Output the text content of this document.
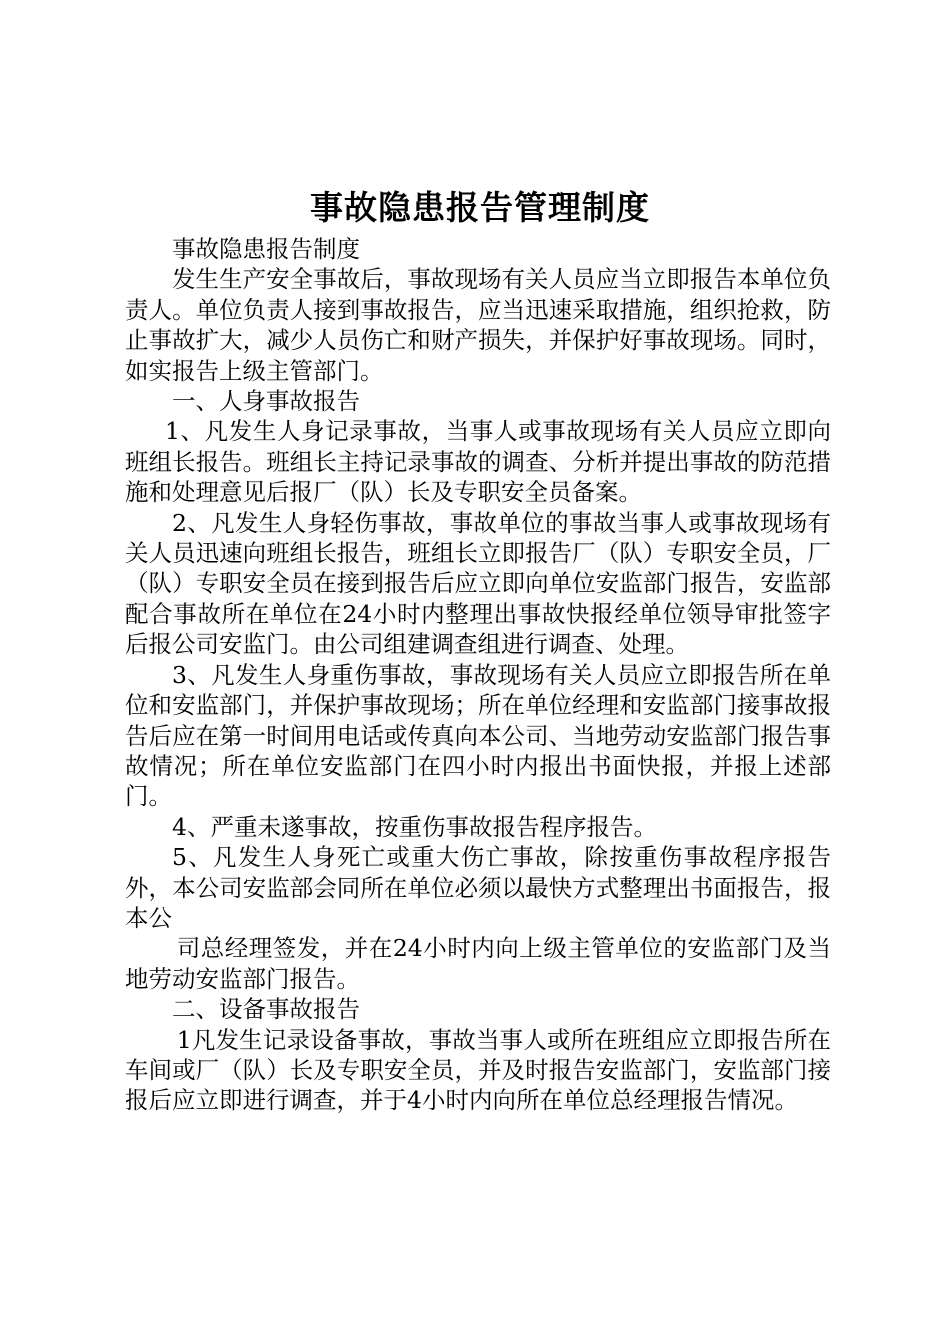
事故隐患报告管理制度

事故隐患报告制度

发生生产安全事故后，事故现场有关人员应当立即报告本单位负责人。单位负责人接到事故报告，应当迅速采取措施，组织抢救，防止事故扩大，减少人员伤亡和财产损失，并保护好事故现场。同时，如实报告上级主管部门。

一、人身事故报告

1、凡发生人身记录事故，当事人或事故现场有关人员应立即向班组长报告。班组长主持记录事故的调查、分析并提出事故的防范措施和处理意见后报厂（队）长及专职安全员备案。

2、凡发生人身轻伤事故，事故单位的事故当事人或事故现场有关人员迅速向班组长报告，班组长立即报告厂（队）专职安全员，厂（队）专职安全员在接到报告后应立即向单位安监部门报告，安监部配合事故所在单位在24小时内整理出事故快报经单位领导审批签字后报公司安监门。由公司组建调查组进行调查、处理。

3、凡发生人身重伤事故，事故现场有关人员应立即报告所在单位和安监部门，并保护事故现场；所在单位经理和安监部门接事故报告后应在第一时间用电话或传真向本公司、当地劳动安监部门报告事故情况；所在单位安监部门在四小时内报出书面快报，并报上述部门。

4、严重未遂事故，按重伤事故报告程序报告。

5、凡发生人身死亡或重大伤亡事故，除按重伤事故程序报告外，本公司安监部会同所在单位必须以最快方式整理出书面报告，报本公

司总经理签发，并在24小时内向上级主管单位的安监部门及当地劳动安监部门报告。

二、设备事故报告

1凡发生记录设备事故，事故当事人或所在班组应立即报告所在车间或厂（队）长及专职安全员，并及时报告安监部门，安监部门接报后应立即进行调查，并于4小时内向所在单位总经理报告情况。
